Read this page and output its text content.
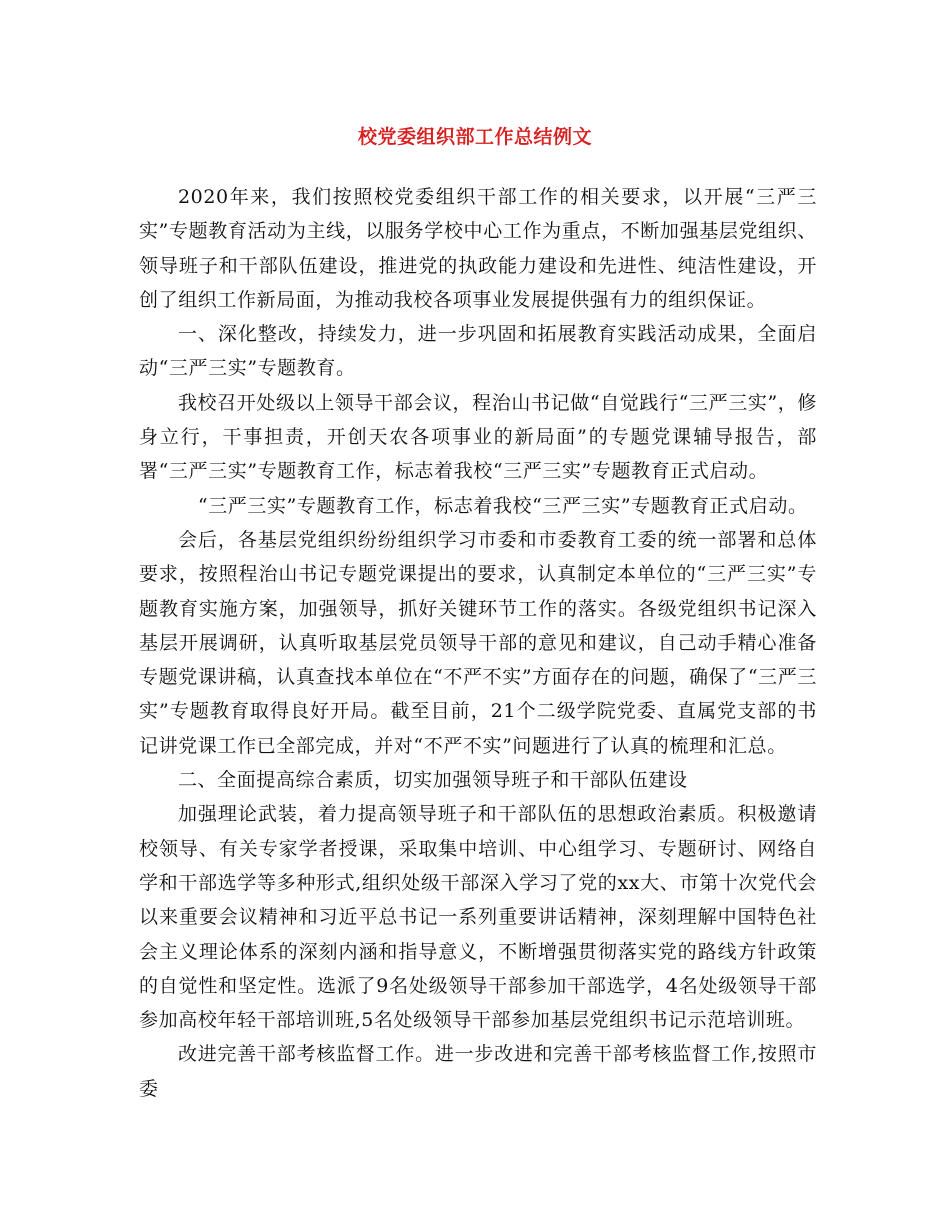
校党委组织部工作总结例文

2020年来，我们按照校党委组织干部工作的相关要求，以开展“三严三实”专题教育活动为主线，以服务学校中心工作为重点，不断加强基层党组织、领导班子和干部队伍建设，推进党的执政能力建设和先进性、纯洁性建设，开创了组织工作新局面，为推动我校各项事业发展提供强有力的组织保证。

一、深化整改，持续发力，进一步巩固和拓展教育实践活动成果，全面启动“三严三实”专题教育。

我校召开处级以上领导干部会议，程治山书记做“自觉践行“三严三实”，修身立行，干事担责，开创天农各项事业的新局面”的专题党课辅导报告，部署“三严三实”专题教育工作，标志着我校“三严三实”专题教育正式启动。

“三严三实”专题教育工作，标志着我校“三严三实”专题教育正式启动。

会后，各基层党组织纷纷组织学习市委和市委教育工委的统一部署和总体要求，按照程治山书记专题党课提出的要求，认真制定本单位的“三严三实”专题教育实施方案，加强领导，抓好关键环节工作的落实。各级党组织书记深入基层开展调研，认真听取基层党员领导干部的意见和建议，自己动手精心准备专题党课讲稿，认真查找本单位在“不严不实”方面存在的问题，确保了“三严三实”专题教育取得良好开局。截至目前，21个二级学院党委、直属党支部的书记讲党课工作已全部完成，并对“不严不实”问题进行了认真的梳理和汇总。

二、全面提高综合素质，切实加强领导班子和干部队伍建设

加强理论武装，着力提高领导班子和干部队伍的思想政治素质。积极邀请校领导、有关专家学者授课，采取集中培训、中心组学习、专题研讨、网络自学和干部选学等多种形式,组织处级干部深入学习了党的xx大、市第十次党代会以来重要会议精神和习近平总书记一系列重要讲话精神，深刻理解中国特色社会主义理论体系的深刻内涵和指导意义，不断增强贯彻落实党的路线方针政策的自觉性和坚定性。选派了9名处级领导干部参加干部选学，4名处级领导干部参加高校年轻干部培训班,5名处级领导干部参加基层党组织书记示范培训班。

改进完善干部考核监督工作。进一步改进和完善干部考核监督工作,按照市委
